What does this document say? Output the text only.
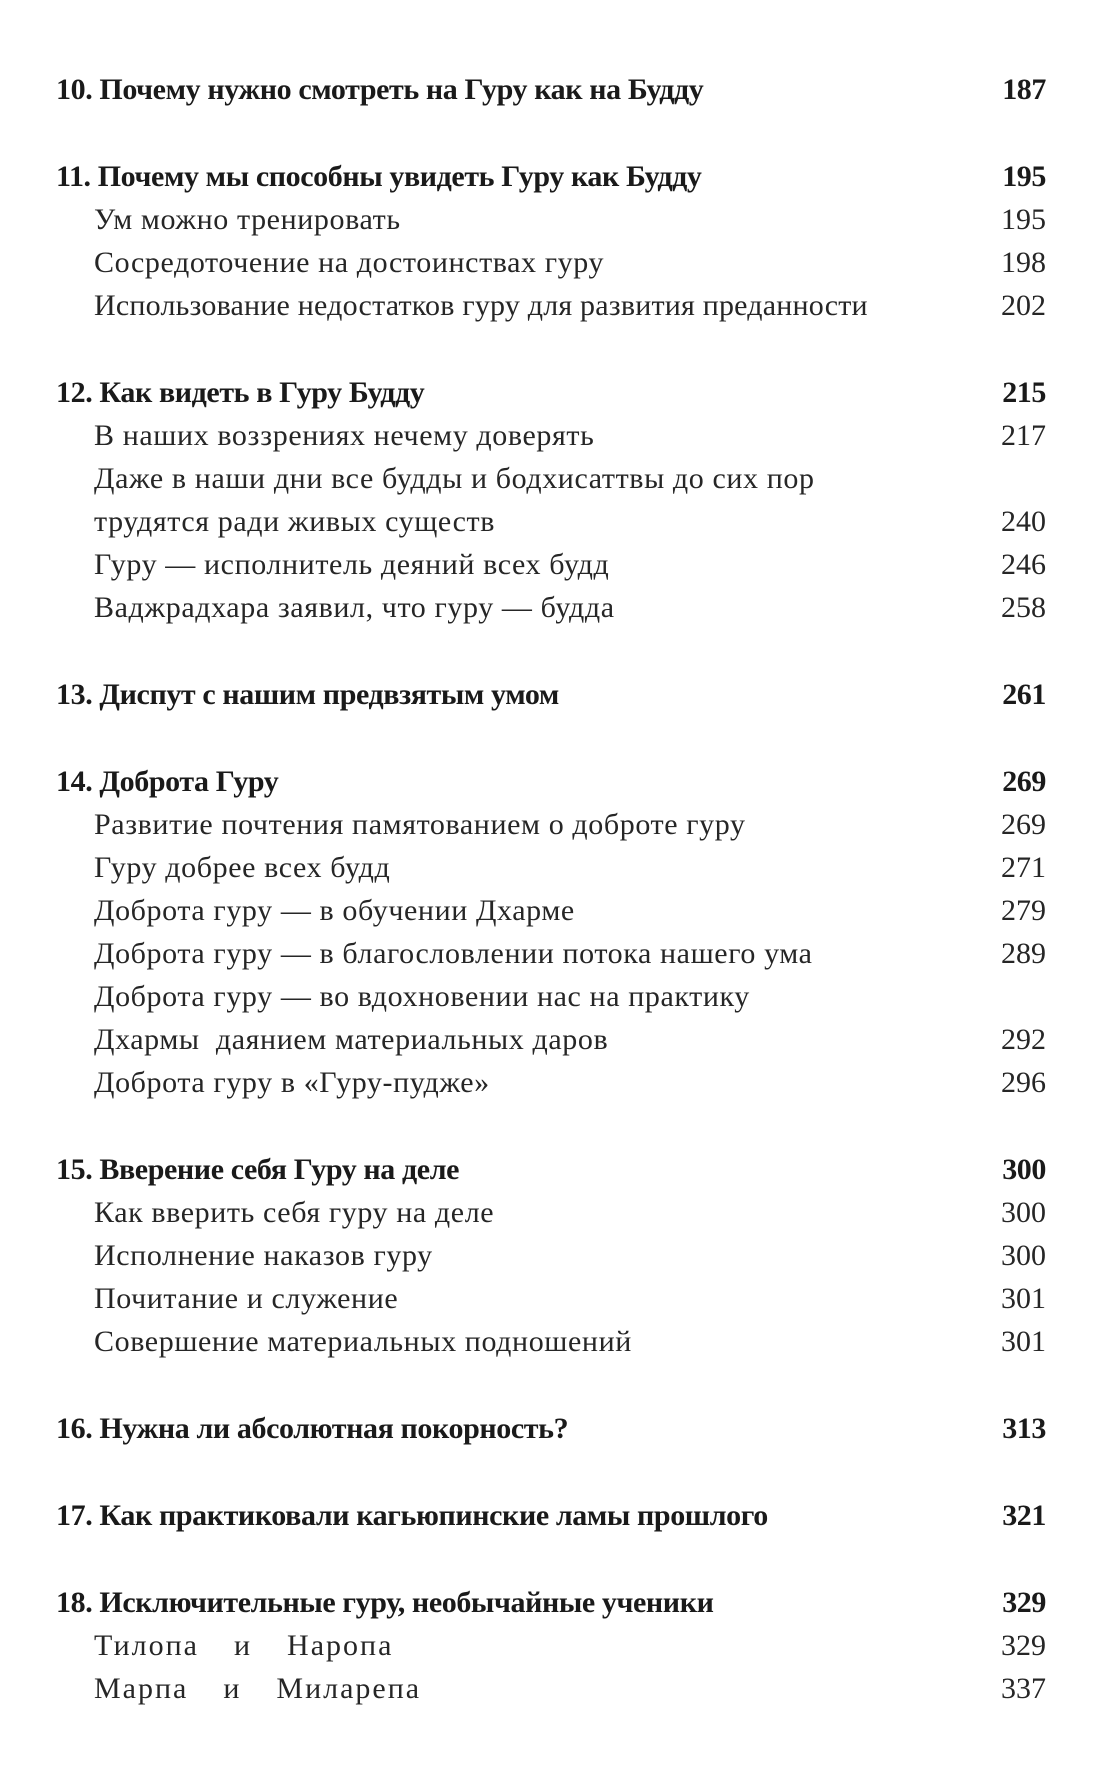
10. Почему нужно смотреть на Гуру как на Будду	187
11. Почему мы способны увидеть Гуру как Будду	195
Ум можно тренировать	195
Сосредоточение на достоинствах гуру	198
Использование недостатков гуру для развития преданности	202
12. Как видеть в Гуру Будду	215
В наших воззрениях нечему доверять	217
Даже в наши дни все будды и бодхисаттвы до сих пор
трудятся ради живых существ	240
Гуру — исполнитель деяний всех будд	246
Ваджрадхара заявил, что гуру — будда	258
13. Диспут с нашим предвзятым умом	261
14. Доброта Гуру	269
Развитие почтения памятованием о доброте гуру	269
Гуру добрее всех будд	271
Доброта гуру — в обучении Дхарме	279
Доброта гуру — в благословлении потока нашего ума	289
Доброта гуру — во вдохновении нас на практику
Дхармы  даянием материальных даров	292
Доброта гуру в «Гуру-пудже»	296
15. Вверение себя Гуру на деле	300
Как вверить себя гуру на деле	300
Исполнение наказов гуру	300
Почитание и служение	301
Совершение материальных подношений	301
16. Нужна ли абсолютная покорность?	313
17. Как практиковали кагьюпинские ламы прошлого	321
18. Исключительные гуру, необычайные ученики	329
Тилопа  и  Наропа	329
Марпа  и  Миларепа	337
